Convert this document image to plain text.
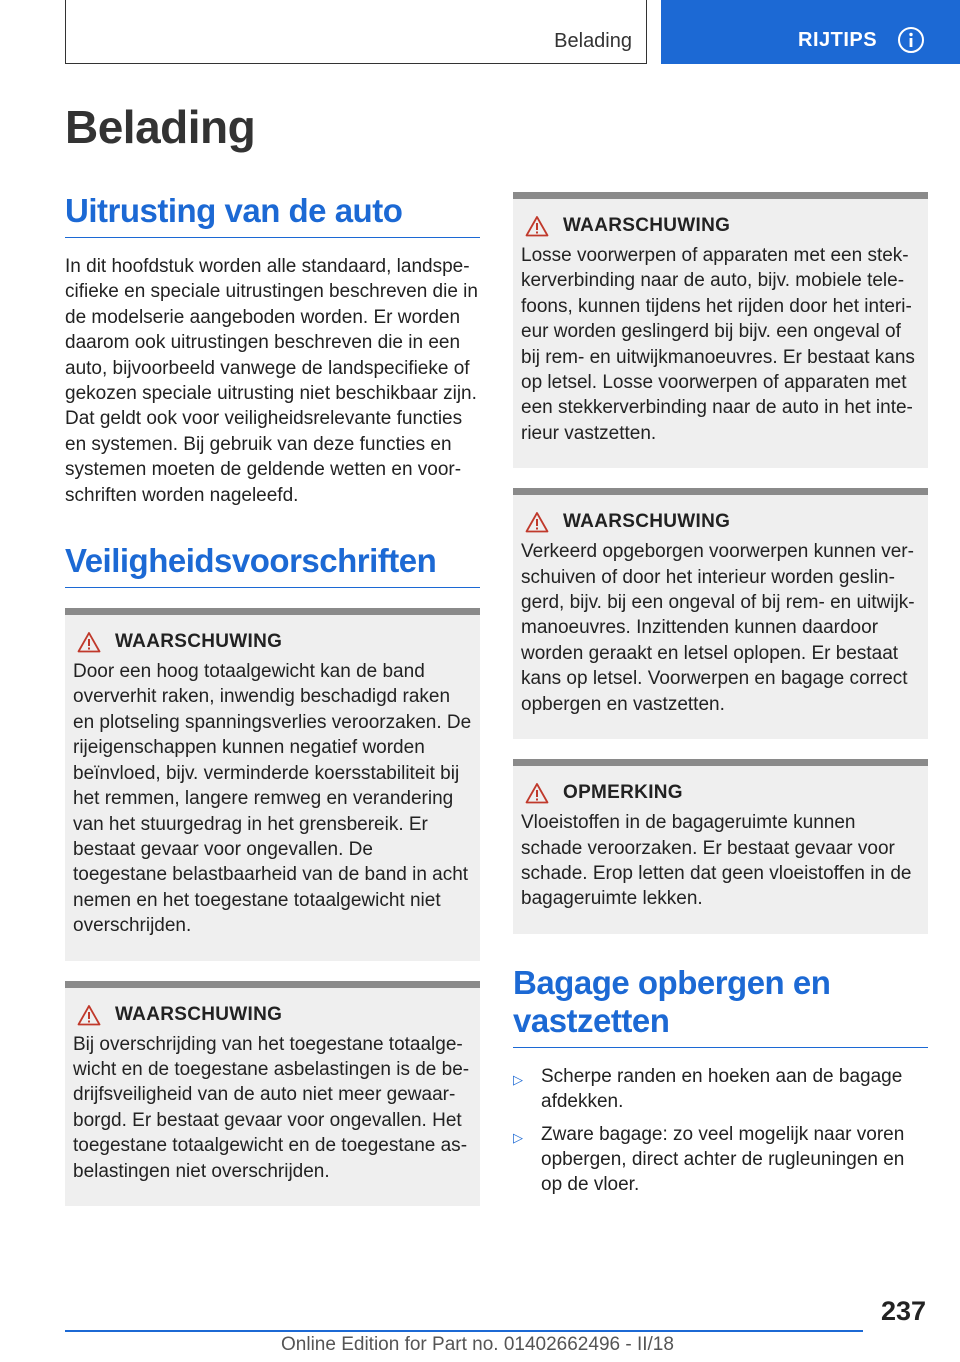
Belading	RIJTIPS
Belading
Uitrusting van de auto

In dit hoofdstuk worden alle standaard, landspecifieke en speciale uitrustingen beschreven die in de modelserie aangeboden worden. Er worden daarom ook uitrustingen beschreven die in een auto, bijvoorbeeld vanwege de landspecifieke of gekozen speciale uitrusting niet beschikbaar zijn. Dat geldt ook voor veiligheidsrelevante functies en systemen. Bij gebruik van deze functies en systemen moeten de geldende wetten en voorschriften worden nageleefd.

Veiligheidsvoorschriften
WAARSCHUWING

Door een hoog totaalgewicht kan de band oververhit raken, inwendig beschadigd raken en plotseling spanningsverlies veroorzaken. De rijeigenschappen kunnen negatief worden beïnvloed, bijv. verminderde koersstabiliteit bij het remmen, langere remweg en verandering van het stuurgedrag in het grensbereik. Er bestaat gevaar voor ongevallen. De toegestane belastbaarheid van de band in acht nemen en het toegestane totaalgewicht niet overschrijden.

WAARSCHUWING

Bij overschrijding van het toegestane totaalgewicht en de toegestane asbelastingen is de bedrijfsveiligheid van de auto niet meer gewaarborgd. Er bestaat gevaar voor ongevallen. Het toegestane totaalgewicht en de toegestane asbelastingen niet overschrijden.

WAARSCHUWING

Losse voorwerpen of apparaten met een stekkerverbinding naar de auto, bijv. mobiele telefoons, kunnen tijdens het rijden door het interieur worden geslingerd bij bijv. een ongeval of bij rem- en uitwijkmanoeuvres. Er bestaat kans op letsel. Losse voorwerpen of apparaten met een stekkerverbinding naar de auto in het interieur vastzetten.

WAARSCHUWING

Verkeerd opgeborgen voorwerpen kunnen verschuiven of door het interieur worden geslingerd, bijv. bij een ongeval of bij rem- en uitwijkmanoeuvres. Inzittenden kunnen daardoor worden geraakt en letsel oplopen. Er bestaat kans op letsel. Voorwerpen en bagage correct opbergen en vastzetten.

OPMERKING

Vloeistoffen in de bagageruimte kunnen schade veroorzaken. Er bestaat gevaar voor schade. Erop letten dat geen vloeistoffen in de bagageruimte lekken.

Bagage opbergen en vastzetten
▷ Scherpe randen en hoeken aan de bagage afdekken.
▷ Zware bagage: zo veel mogelijk naar voren opbergen, direct achter de rugleuningen en op de vloer.
237
Online Edition for Part no. 01402662496 - II/18
